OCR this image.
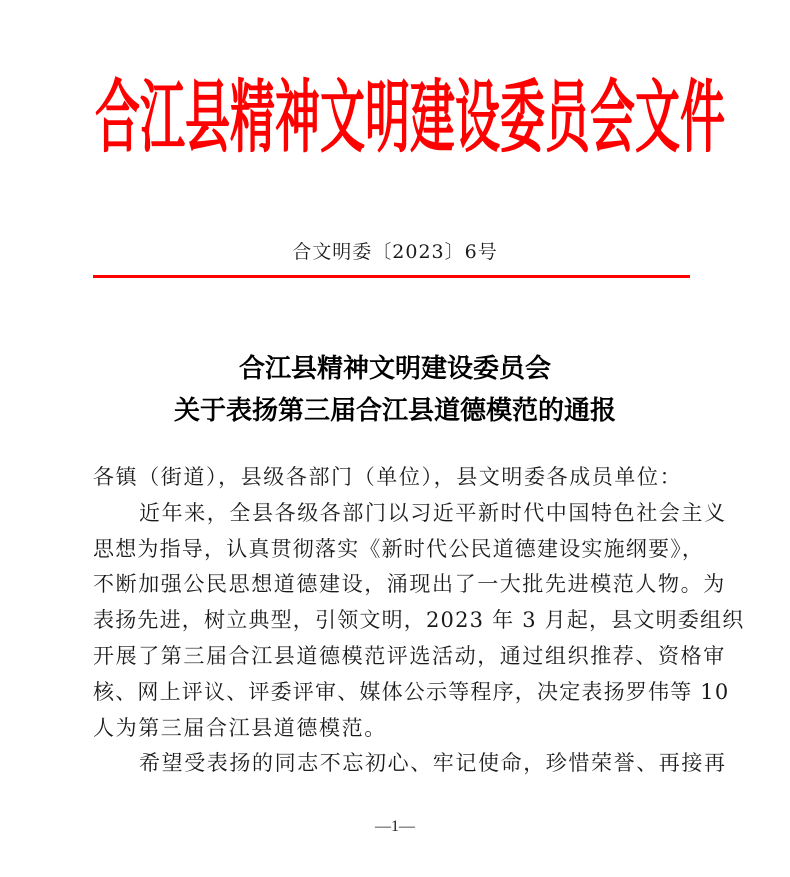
合江县精神文明建设委员会文件
合文明委〔2023〕6号
合江县精神文明建设委员会
关于表扬第三届合江县道德模范的通报
各镇（街道），县级各部门（单位），县文明委各成员单位：
近年来，全县各级各部门以习近平新时代中国特色社会主义
思想为指导，认真贯彻落实《新时代公民道德建设实施纲要》，
不断加强公民思想道德建设，涌现出了一大批先进模范人物。为
表扬先进，树立典型，引领文明，2023 年 3 月起，县文明委组织
开展了第三届合江县道德模范评选活动，通过组织推荐、资格审
核、网上评议、评委评审、媒体公示等程序，决定表扬罗伟等 10
人为第三届合江县道德模范。
希望受表扬的同志不忘初心、牢记使命，珍惜荣誉、再接再
—1—
